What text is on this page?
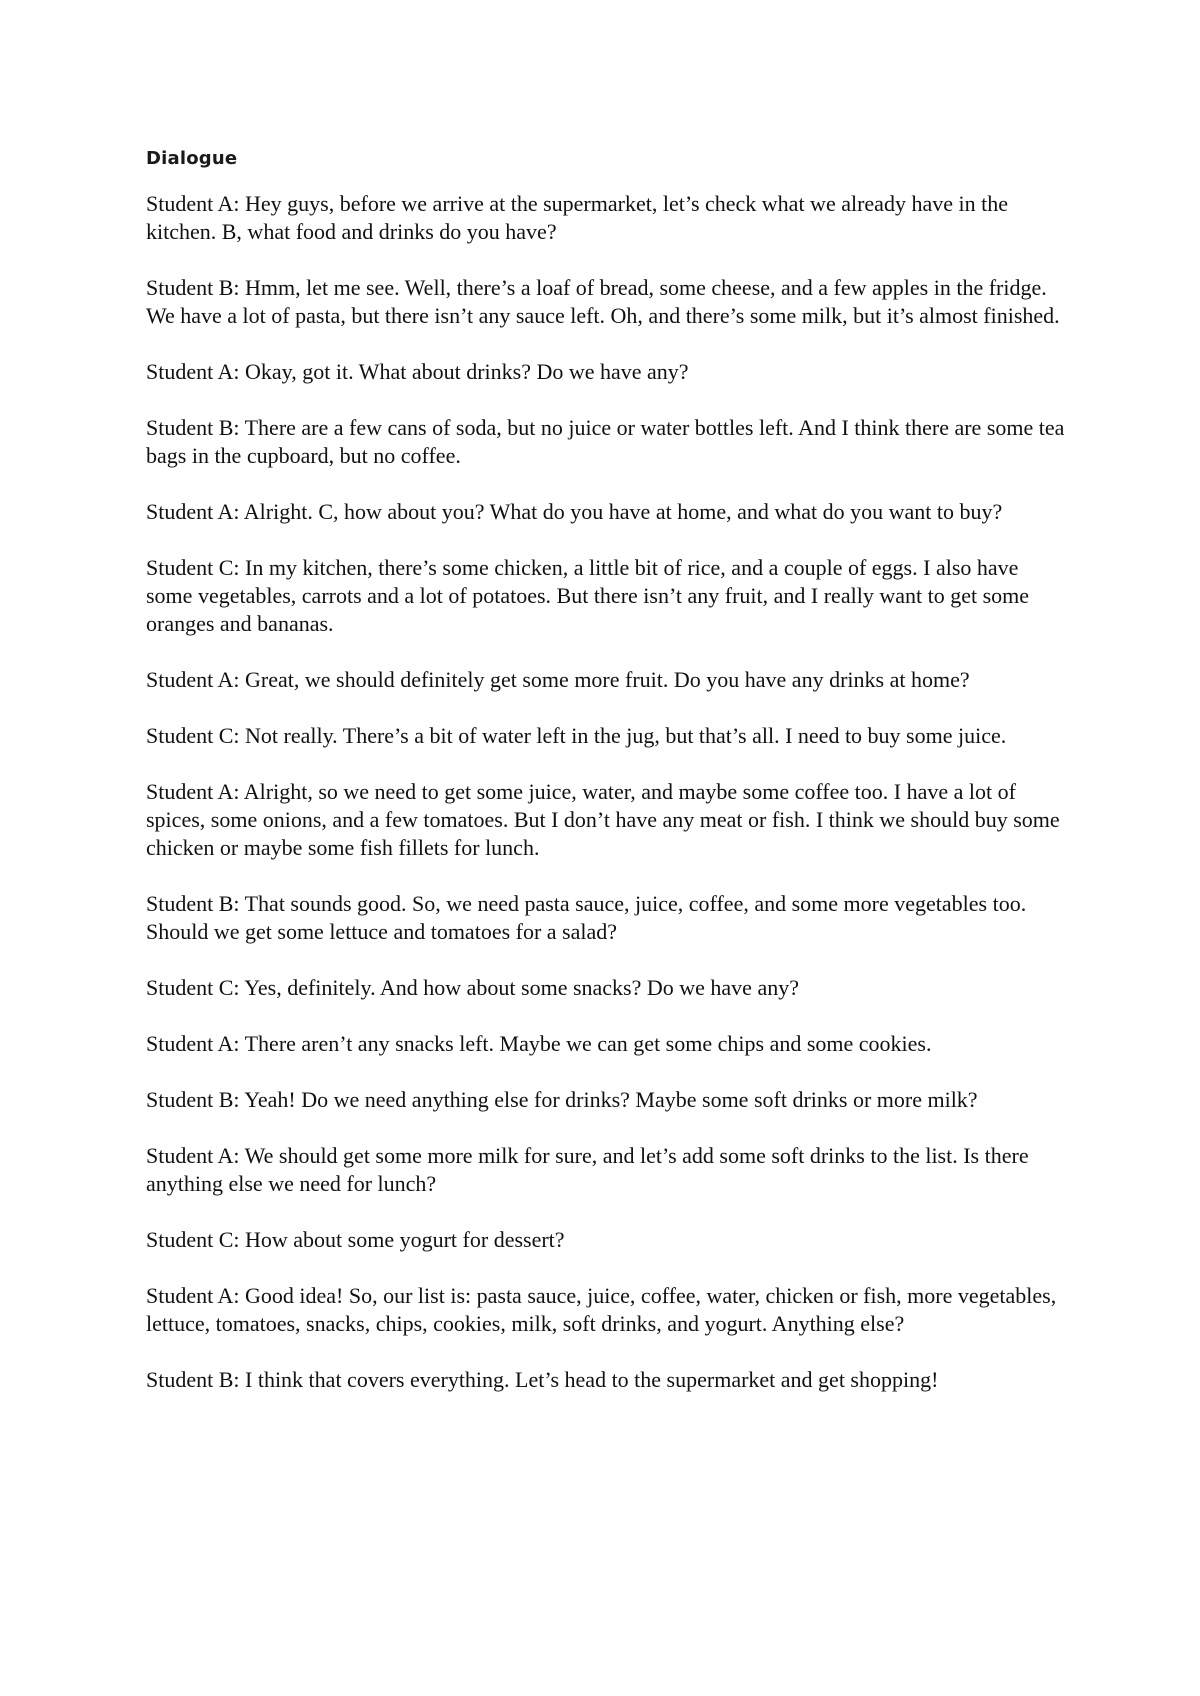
Dialogue

Student A: Hey guys, before we arrive at the supermarket, let’s check what we already have in the kitchen. B, what food and drinks do you have?

Student B: Hmm, let me see. Well, there’s a loaf of bread, some cheese, and a few apples in the fridge. We have a lot of pasta, but there isn’t any sauce left. Oh, and there’s some milk, but it’s almost finished.

Student A: Okay, got it. What about drinks? Do we have any?

Student B: There are a few cans of soda, but no juice or water bottles left. And I think there are some tea bags in the cupboard, but no coffee.

Student A: Alright. C, how about you? What do you have at home, and what do you want to buy?

Student C: In my kitchen, there’s some chicken, a little bit of rice, and a couple of eggs. I also have some vegetables, carrots and a lot of potatoes. But there isn’t any fruit, and I really want to get some oranges and bananas.

Student A: Great, we should definitely get some more fruit. Do you have any drinks at home?

Student C: Not really. There’s a bit of water left in the jug, but that’s all. I need to buy some juice.

Student A: Alright, so we need to get some juice, water, and maybe some coffee too. I have a lot of spices, some onions, and a few tomatoes. But I don’t have any meat or fish. I think we should buy some chicken or maybe some fish fillets for lunch.

Student B: That sounds good. So, we need pasta sauce, juice, coffee, and some more vegetables too. Should we get some lettuce and tomatoes for a salad?

Student C: Yes, definitely. And how about some snacks? Do we have any?

Student A: There aren’t any snacks left. Maybe we can get some chips and some cookies.

Student B: Yeah! Do we need anything else for drinks? Maybe some soft drinks or more milk?

Student A: We should get some more milk for sure, and let’s add some soft drinks to the list. Is there anything else we need for lunch?

Student C: How about some yogurt for dessert?

Student A: Good idea! So, our list is: pasta sauce, juice, coffee, water, chicken or fish, more vegetables, lettuce, tomatoes, snacks, chips, cookies, milk, soft drinks, and yogurt. Anything else?

Student B: I think that covers everything. Let’s head to the supermarket and get shopping!
